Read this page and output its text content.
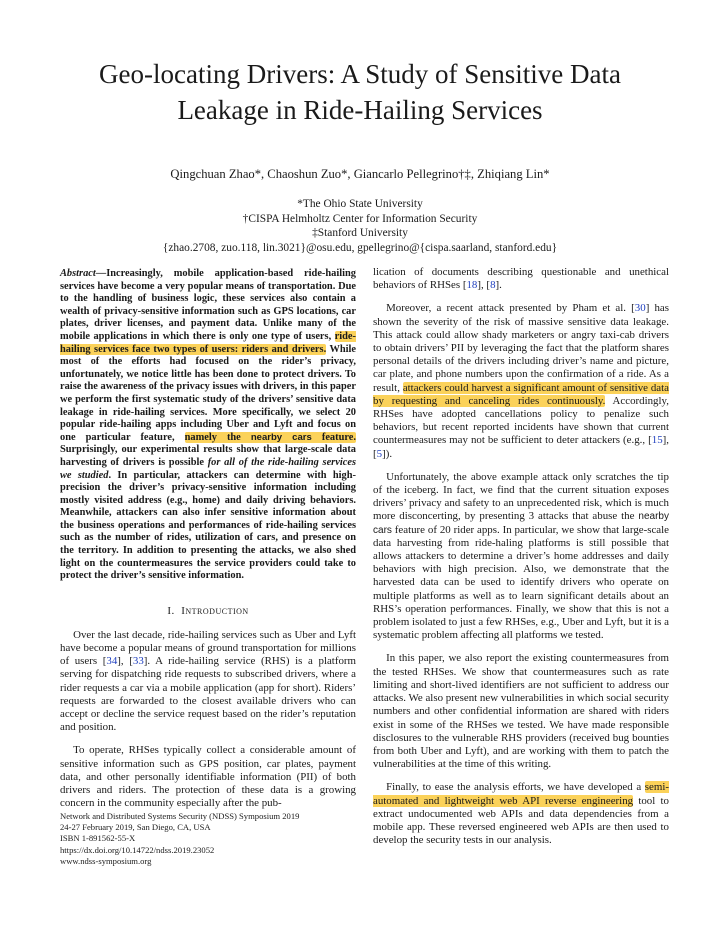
Geo-locating Drivers: A Study of Sensitive Data Leakage in Ride-Hailing Services
Qingchuan Zhao*, Chaoshun Zuo*, Giancarlo Pellegrino†‡, Zhiqiang Lin*
*The Ohio State University
†CISPA Helmholtz Center for Information Security
‡Stanford University
{zhao.2708, zuo.118, lin.3021}@osu.edu, gpellegrino@{cispa.saarland, stanford.edu}

Abstract—Increasingly, mobile application-based ride-hailing services have become a very popular means of transportation. Due to the handling of business logic, these services also contain a wealth of privacy-sensitive information such as GPS locations, car plates, driver licenses, and payment data. Unlike many of the mobile applications in which there is only one type of users, ride-hailing services face two types of users: riders and drivers. While most of the efforts had focused on the rider’s privacy, unfortunately, we notice little has been done to protect drivers. To raise the awareness of the privacy issues with drivers, in this paper we perform the first systematic study of the drivers’ sensitive data leakage in ride-hailing services. More specifically, we select 20 popular ride-hailing apps including Uber and Lyft and focus on one particular feature, namely the nearby cars feature. Surprisingly, our experimental results show that large-scale data harvesting of drivers is possible for all of the ride-hailing services we studied. In particular, attackers can determine with high-precision the driver’s privacy-sensitive information including mostly visited address (e.g., home) and daily driving behaviors. Meanwhile, attackers can also infer sensitive information about the business operations and performances of ride-hailing services such as the number of rides, utilization of cars, and presence on the territory. In addition to presenting the attacks, we also shed light on the countermeasures the service providers could take to protect the driver’s sensitive information.

I. Introduction

Over the last decade, ride-hailing services such as Uber and Lyft have become a popular means of ground transportation for millions of users [34], [33]. A ride-hailing service (RHS) is a platform serving for dispatching ride requests to subscribed drivers, where a rider requests a car via a mobile application (app for short). Riders’ requests are forwarded to the closest available drivers who can accept or decline the service request based on the rider’s reputation and position.

To operate, RHSes typically collect a considerable amount of sensitive information such as GPS position, car plates, payment data, and other personally identifiable information (PII) of both drivers and riders. The protection of these data is a growing concern in the community especially after the pub-

lication of documents describing questionable and unethical behaviors of RHSes [18], [8].

Moreover, a recent attack presented by Pham et al. [30] has shown the severity of the risk of massive sensitive data leakage. This attack could allow shady marketers or angry taxi-cab drivers to obtain drivers’ PII by leveraging the fact that the platform shares personal details of the drivers including driver’s name and picture, car plate, and phone numbers upon the confirmation of a ride. As a result, attackers could harvest a significant amount of sensitive data by requesting and canceling rides continuously. Accordingly, RHSes have adopted cancellations policy to penalize such behaviors, but recent reported incidents have shown that current countermeasures may not be sufficient to deter attackers (e.g., [15], [5]).

Unfortunately, the above example attack only scratches the tip of the iceberg. In fact, we find that the current situation exposes drivers’ privacy and safety to an unprecedented risk, which is much more disconcerting, by presenting 3 attacks that abuse the nearby cars feature of 20 rider apps. In particular, we show that large-scale data harvesting from ride-haling platforms is still possible that allows attackers to determine a driver’s home addresses and daily behaviors with high precision. Also, we demonstrate that the harvested data can be used to identify drivers who operate on multiple platforms as well as to learn significant details about an RHS’s operation performances. Finally, we show that this is not a problem isolated to just a few RHSes, e.g., Uber and Lyft, but it is a systematic problem affecting all platforms we tested.

In this paper, we also report the existing countermeasures from the tested RHSes. We show that countermeasures such as rate limiting and short-lived identifiers are not sufficient to address our attacks. We also present new vulnerabilities in which social security numbers and other confidential information are shared with riders exist in some of the RHSes we tested. We have made responsible disclosures to the vulnerable RHS providers (received bug bounties from both Uber and Lyft), and are working with them to patch the vulnerabilities at the time of this writing.

Finally, to ease the analysis efforts, we have developed a semi-automated and lightweight web API reverse engineering tool to extract undocumented web APIs and data dependencies from a mobile app. These reversed engineered web APIs are then used to develop the security tests in our analysis.

Network and Distributed Systems Security (NDSS) Symposium 2019
24-27 February 2019, San Diego, CA, USA
ISBN 1-891562-55-X
https://dx.doi.org/10.14722/ndss.2019.23052
www.ndss-symposium.org
